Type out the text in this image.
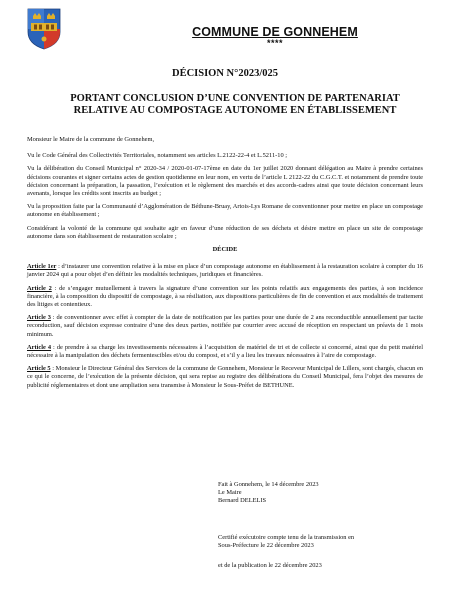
COMMUNE DE GONNEHEM
****
DÉCISION N°2023/025
PORTANT CONCLUSION D’UNE CONVENTION DE PARTENARIAT
RELATIVE AU COMPOSTAGE AUTONOME EN ÉTABLISSEMENT

Monsieur le Maire de la commune de Gonnehem,

Vu le Code Général des Collectivités Territoriales, notamment ses articles L.2122-22-4 et L.5211-10 ;

Vu la délibération du Conseil Municipal n° 2020-34 / 2020-01-07-17ème en date du 1er juillet 2020 donnant délégation au Maire à prendre certaines décisions courantes et signer certains actes de gestion quotidienne en leur nom, en vertu de l’article L 2122-22 du C.G.C.T. et notamment de prendre toute décision concernant la préparation, la passation, l’exécution et le règlement des marchés et des accords-cadres ainsi que toute décision concernant leurs avenants, lorsque les crédits sont inscrits au budget ;

Vu la proposition faite par la Communauté d’Agglomération de Béthune-Bruay, Artois-Lys Romane de conventionner pour mettre en place un compostage autonome en établissement ;

Considérant la volonté de la commune qui souhaite agir en faveur d’une réduction de ses déchets et désire mettre en place un site de compostage autonome dans son établissement de restauration scolaire ;

DÉCIDE

Article 1er : d’instaurer une convention relative à la mise en place d’un compostage autonome en établissement à la restauration scolaire à compter du 16 janvier 2024 qui a pour objet d’en définir les modalités techniques, juridiques et financières.

Article 2 : de s’engager mutuellement à travers la signature d’une convention sur les points relatifs aux engagements des parties, à son incidence financière, à la composition du dispositif de compostage, à sa résiliation, aux dispositions particulières de fin de convention et aux modalités de traitement des litiges et contentieux.

Article 3 : de conventionner avec effet à compter de la date de notification par les parties pour une durée de 2 ans reconductible annuellement par tacite reconduction, sauf décision expresse contraire d’une des deux parties, notifiée par courrier avec accusé de réception en respectant un préavis de 1 mois minimum.

Article 4 : de prendre à sa charge les investissements nécessaires à l’acquisition de matériel de tri et de collecte si concerné, ainsi que du petit matériel nécessaire à la manipulation des déchets fermentescibles et/ou du compost, et s’il y a lieu les travaux nécessaires à l’aire de compostage.

Article 5 : Monsieur le Directeur Général des Services de la commune de Gonnehem, Monsieur le Receveur Municipal de Lillers, sont chargés, chacun en ce qui le concerne, de l’exécution de la présente décision, qui sera repise au registre des délibérations du Conseil Municipal, fera l’objet des mesures de publicité réglementaires et dont une ampliation sera transmise à Monsieur le Sous-Préfet de BETHUNE.

Fait à Gonnehem, le 14 décembre 2023
Le Maire
Bernard DELELIS
Certifié exécutoire compte tenu de la transmission en
Sous-Préfecture le 22 décembre 2023
et de la publication le 22 décembre 2023
